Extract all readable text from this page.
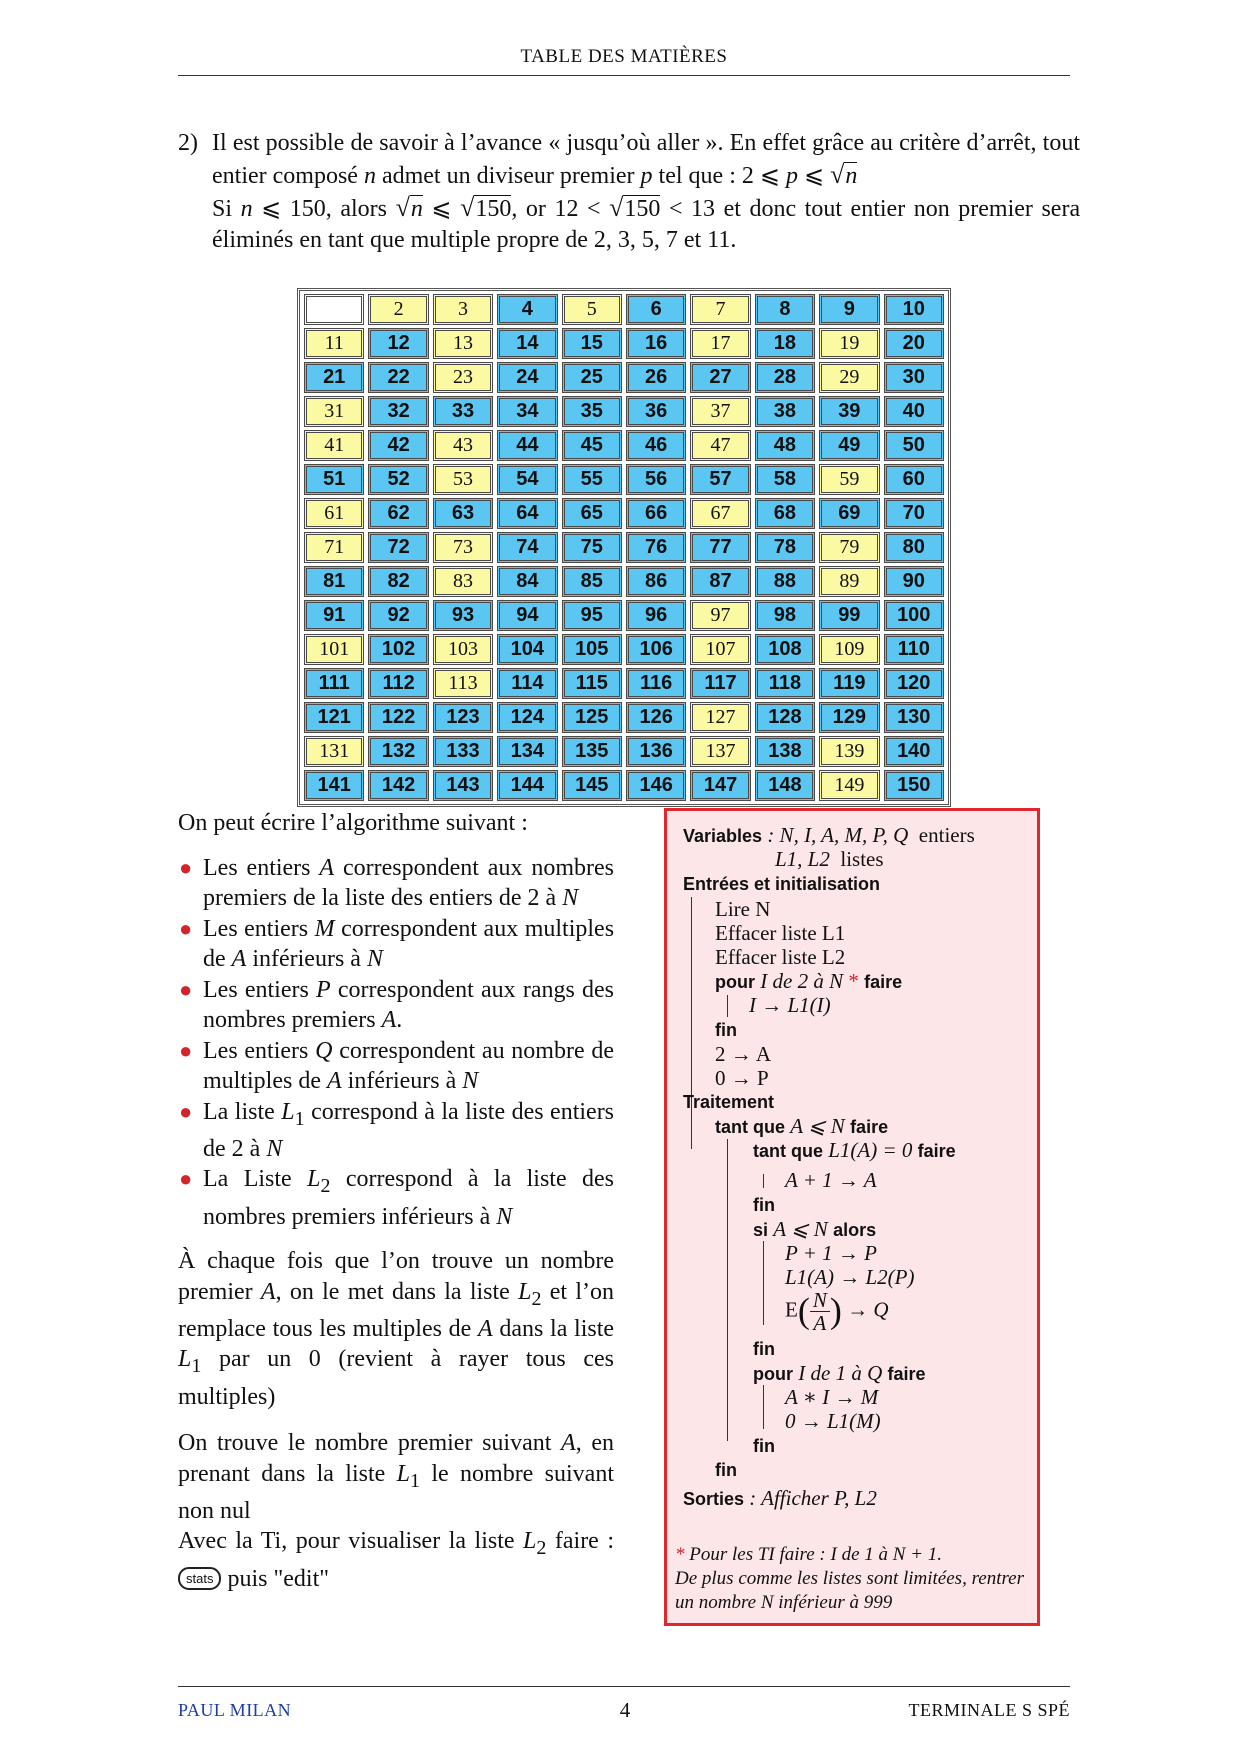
TABLE DES MATIÈRES
2) Il est possible de savoir à l’avance « jusqu’où aller ». En effet grâce au critère d’arrêt, tout entier composé n admet un diviseur premier p tel que : 2 ⩽ p ⩽ √n
Si n ⩽ 150, alors √n ⩽ √150, or 12 < √150 < 13 et donc tout entier non premier sera éliminés en tant que multiple propre de 2, 3, 5, 7 et 11.
	2	3	4	5	6	7	8	9	10
11	12	13	14	15	16	17	18	19	20
21	22	23	24	25	26	27	28	29	30
31	32	33	34	35	36	37	38	39	40
41	42	43	44	45	46	47	48	49	50
51	52	53	54	55	56	57	58	59	60
61	62	63	64	65	66	67	68	69	70
71	72	73	74	75	76	77	78	79	80
81	82	83	84	85	86	87	88	89	90
91	92	93	94	95	96	97	98	99	100
101	102	103	104	105	106	107	108	109	110
111	112	113	114	115	116	117	118	119	120
121	122	123	124	125	126	127	128	129	130
131	132	133	134	135	136	137	138	139	140
141	142	143	144	145	146	147	148	149	150

On peut écrire l’algorithme suivant :

● Les entiers A correspondent aux nombres premiers de la liste des entiers de 2 à N
● Les entiers M correspondent aux multiples de A inférieurs à N
● Les entiers P correspondent aux rangs des nombres premiers A.
● Les entiers Q correspondent au nombre de multiples de A inférieurs à N
● La liste $L_1$ correspond à la liste des entiers de 2 à N
● La Liste $L_2$ correspond à la liste des nombres premiers inférieurs à N

À chaque fois que l’on trouve un nombre premier A, on le met dans la liste $L_2$ et l’on remplace tous les multiples de A dans la liste $L_1$ par un 0 (revient à rayer tous ces multiples)

On trouve le nombre premier suivant A, en prenant dans la liste $L_1$ le nombre suivant non nul

Avec la Ti, pour visualiser la liste $L_2$ faire : stats puis "edit"

Variables : N, I, A, M, P, Q entiers
L1, L2 listes
Entrées et initialisation
Lire N
Effacer liste L1
Effacer liste L2
pour I de 2 à N * faire
I → L1(I)
fin
2 → A
0 → P
Traitement
tant que A ⩽ N faire
tant que L1(A) = 0 faire
A + 1 → A
fin
si A ⩽ N alors
P + 1 → P
L1(A) → L2(P)
$E( \frac{N}{A}$ ) → Q
fin
pour I de 1 à Q faire
A ∗ I → M
0 → L1(M)
fin
fin
Sorties : Afficher P, L2
* Pour les TI faire : I de 1 à N + 1.
De plus comme les listes sont limitées, rentrer un nombre N inférieur à 999
PAUL MILAN	4	TERMINALE S SPÉ
